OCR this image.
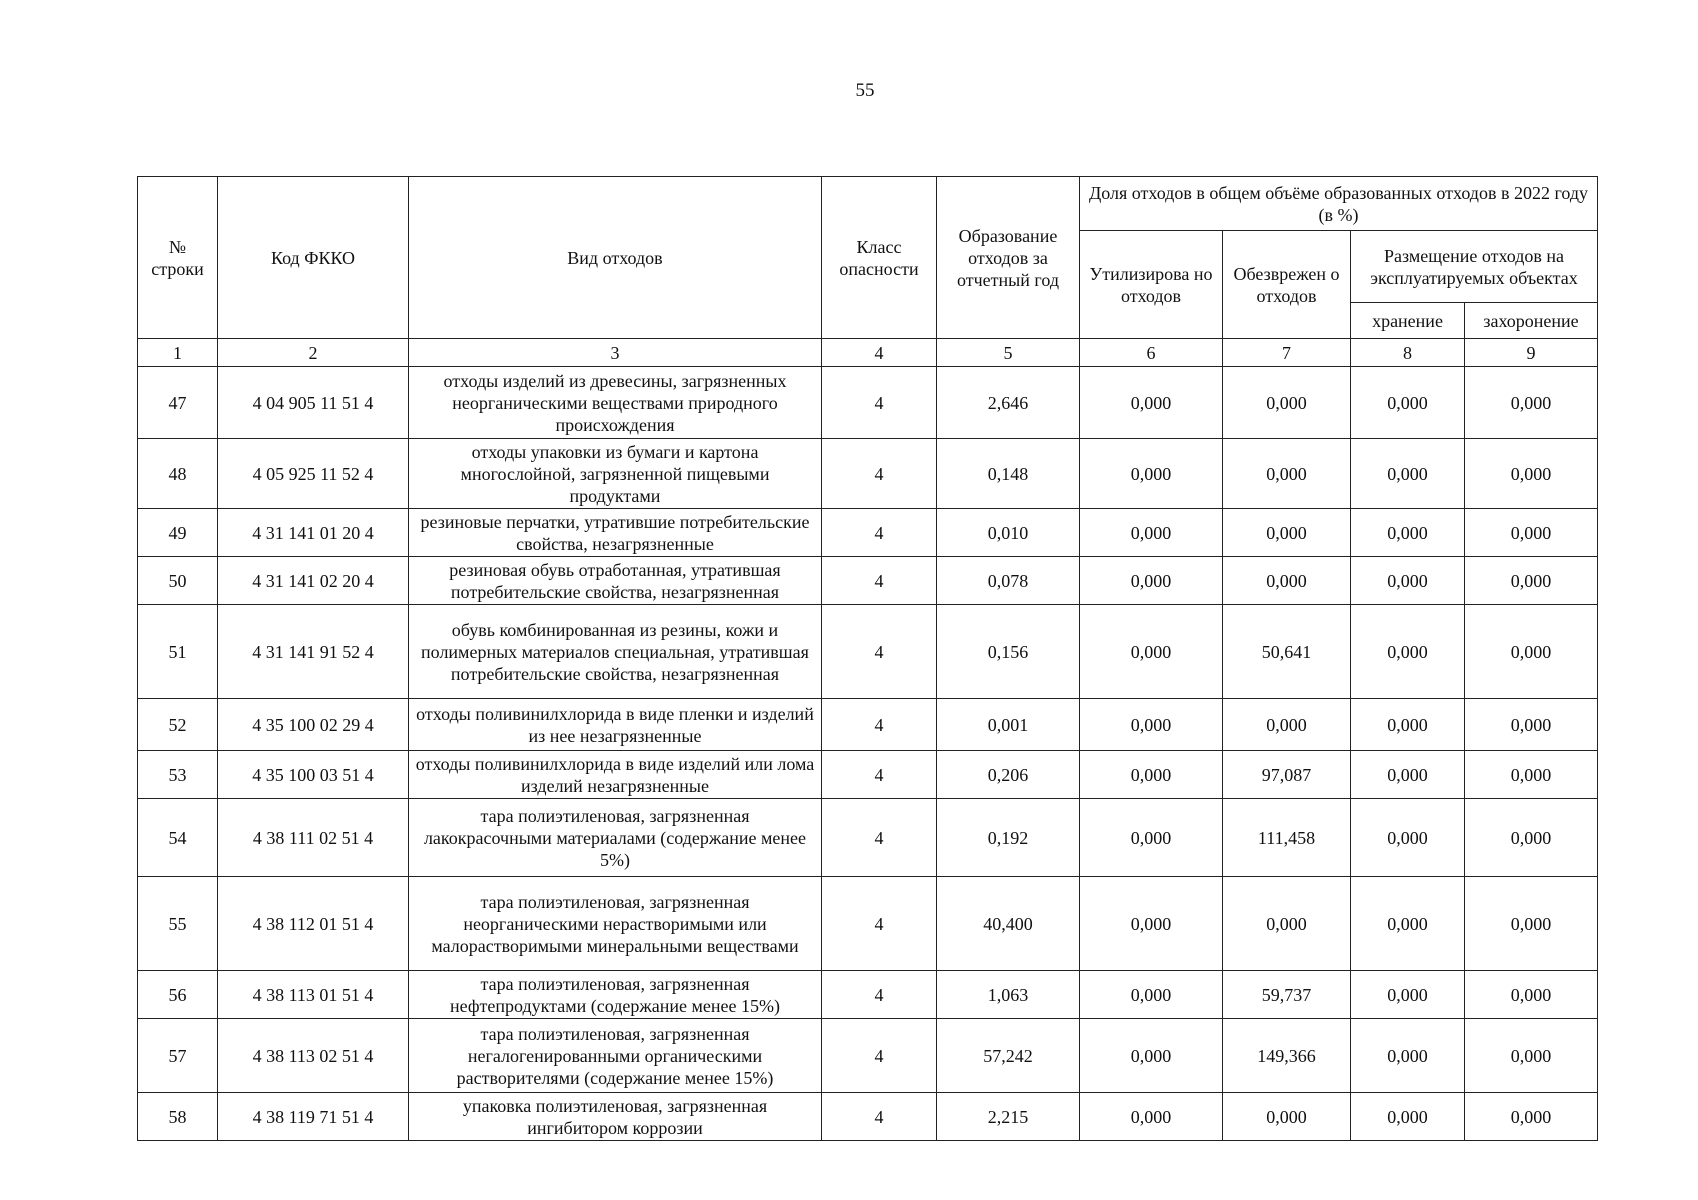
55
№ строки	Код ФККО	Вид отходов	Класс опасности	Образование отходов за отчетный год	Доля отходов в общем объёме образованных отходов в 2022 году (в %)			
					Утилизирова но отходов	Обезврежен о отходов	Размещение отходов на эксплуатируемых объектах	
							хранение	захоронение
1	2	3	4	5	6	7	8	9
47	4 04 905 11 51 4	отходы изделий из древесины, загрязненных неорганическими веществами природного происхождения	4	2,646	0,000	0,000	0,000	0,000
48	4 05 925 11 52 4	отходы упаковки из бумаги и картона многослойной, загрязненной пищевыми продуктами	4	0,148	0,000	0,000	0,000	0,000
49	4 31 141 01 20 4	резиновые перчатки, утратившие потребительские свойства, незагрязненные	4	0,010	0,000	0,000	0,000	0,000
50	4 31 141 02 20 4	резиновая обувь отработанная, утратившая потребительские свойства, незагрязненная	4	0,078	0,000	0,000	0,000	0,000
51	4 31 141 91 52 4	обувь комбинированная из резины, кожи и полимерных материалов специальная, утратившая потребительские свойства, незагрязненная	4	0,156	0,000	50,641	0,000	0,000
52	4 35 100 02 29 4	отходы поливинилхлорида в виде пленки и изделий из нее незагрязненные	4	0,001	0,000	0,000	0,000	0,000
53	4 35 100 03 51 4	отходы поливинилхлорида в виде изделий или лома изделий незагрязненные	4	0,206	0,000	97,087	0,000	0,000
54	4 38 111 02 51 4	тара полиэтиленовая, загрязненная лакокрасочными материалами (содержание менее 5%)	4	0,192	0,000	111,458	0,000	0,000
55	4 38 112 01 51 4	тара полиэтиленовая, загрязненная неорганическими нерастворимыми или малорастворимыми минеральными веществами	4	40,400	0,000	0,000	0,000	0,000
56	4 38 113 01 51 4	тара полиэтиленовая, загрязненная нефтепродуктами (содержание менее 15%)	4	1,063	0,000	59,737	0,000	0,000
57	4 38 113 02 51 4	тара полиэтиленовая, загрязненная негалогенированными органическими растворителями (содержание менее 15%)	4	57,242	0,000	149,366	0,000	0,000
58	4 38 119 71 51 4	упаковка полиэтиленовая, загрязненная ингибитором коррозии	4	2,215	0,000	0,000	0,000	0,000
